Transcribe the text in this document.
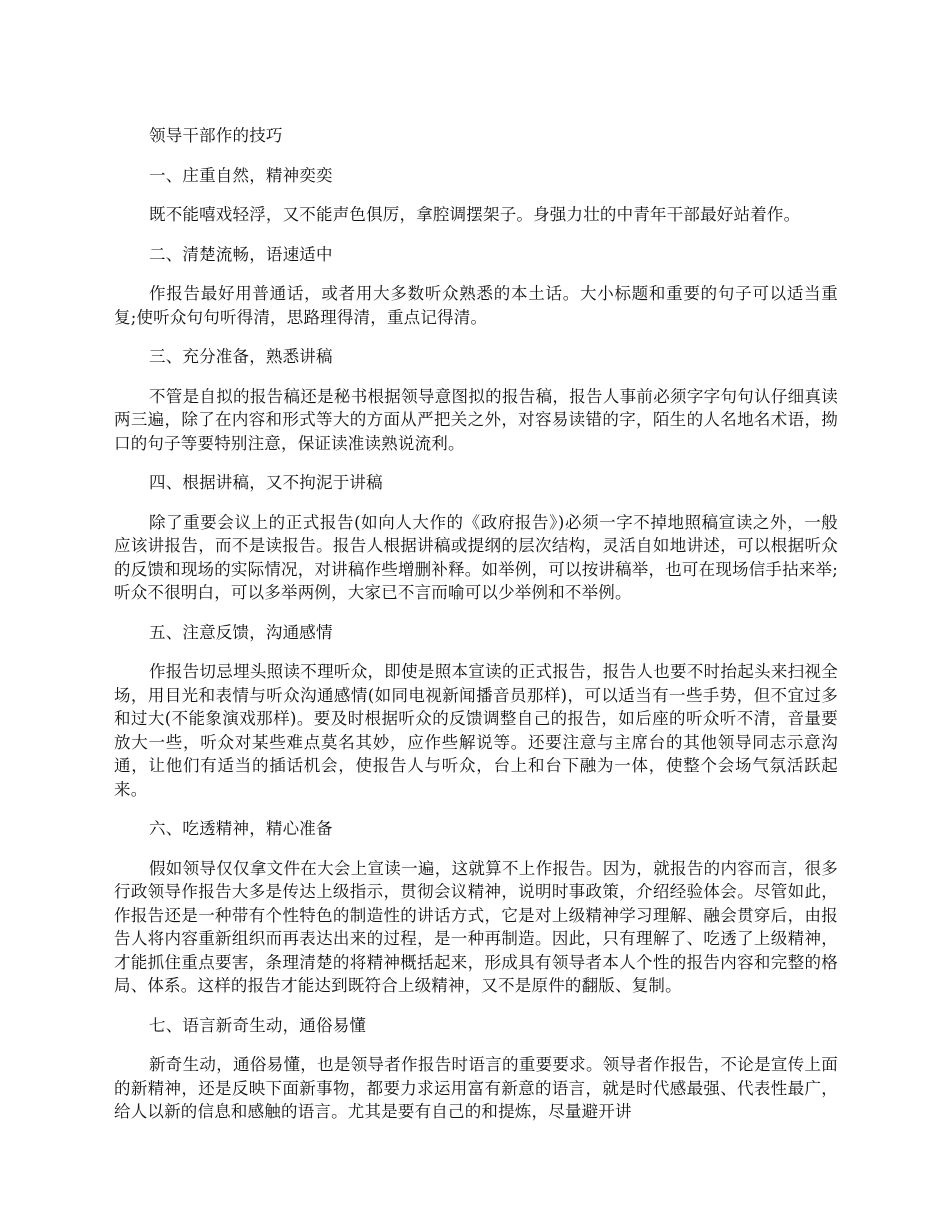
领导干部作的技巧

一、庄重自然，精神奕奕

既不能嘻戏轻浮，又不能声色俱厉，拿腔调摆架子。身强力壮的中青年干部最好站着作。

二、清楚流畅，语速适中

作报告最好用普通话，或者用大多数听众熟悉的本土话。大小标题和重要的句子可以适当重复;使听众句句听得清，思路理得清，重点记得清。

三、充分准备，熟悉讲稿

不管是自拟的报告稿还是秘书根据领导意图拟的报告稿，报告人事前必须字字句句认仔细真读两三遍，除了在内容和形式等大的方面从严把关之外，对容易读错的字，陌生的人名地名术语，拗口的句子等要特别注意，保证读准读熟说流利。

四、根据讲稿，又不拘泥于讲稿

除了重要会议上的正式报告(如向人大作的《政府报告》)必须一字不掉地照稿宣读之外，一般应该讲报告，而不是读报告。报告人根据讲稿或提纲的层次结构，灵活自如地讲述，可以根据听众的反馈和现场的实际情况，对讲稿作些增删补释。如举例，可以按讲稿举，也可在现场信手拈来举;听众不很明白，可以多举两例，大家已不言而喻可以少举例和不举例。

五、注意反馈，沟通感情

作报告切忌埋头照读不理听众，即使是照本宣读的正式报告，报告人也要不时抬起头来扫视全场，用目光和表情与听众沟通感情(如同电视新闻播音员那样)，可以适当有一些手势，但不宜过多和过大(不能象演戏那样)。要及时根据听众的反馈调整自己的报告，如后座的听众听不清，音量要放大一些，听众对某些难点莫名其妙，应作些解说等。还要注意与主席台的其他领导同志示意沟通，让他们有适当的插话机会，使报告人与听众，台上和台下融为一体，使整个会场气氛活跃起来。

六、吃透精神，精心准备

假如领导仅仅拿文件在大会上宣读一遍，这就算不上作报告。因为，就报告的内容而言，很多行政领导作报告大多是传达上级指示，贯彻会议精神，说明时事政策，介绍经验体会。尽管如此，作报告还是一种带有个性特色的制造性的讲话方式，它是对上级精神学习理解、融会贯穿后，由报告人将内容重新组织而再表达出来的过程，是一种再制造。因此，只有理解了、吃透了上级精神，才能抓住重点要害，条理清楚的将精神概括起来，形成具有领导者本人个性的报告内容和完整的格局、体系。这样的报告才能达到既符合上级精神，又不是原件的翻版、复制。

七、语言新奇生动，通俗易懂

新奇生动，通俗易懂，也是领导者作报告时语言的重要要求。领导者作报告，不论是宣传上面的新精神，还是反映下面新事物，都要力求运用富有新意的语言，就是时代感最强、代表性最广，给人以新的信息和感触的语言。尤其是要有自己的和提炼，尽量避开讲
